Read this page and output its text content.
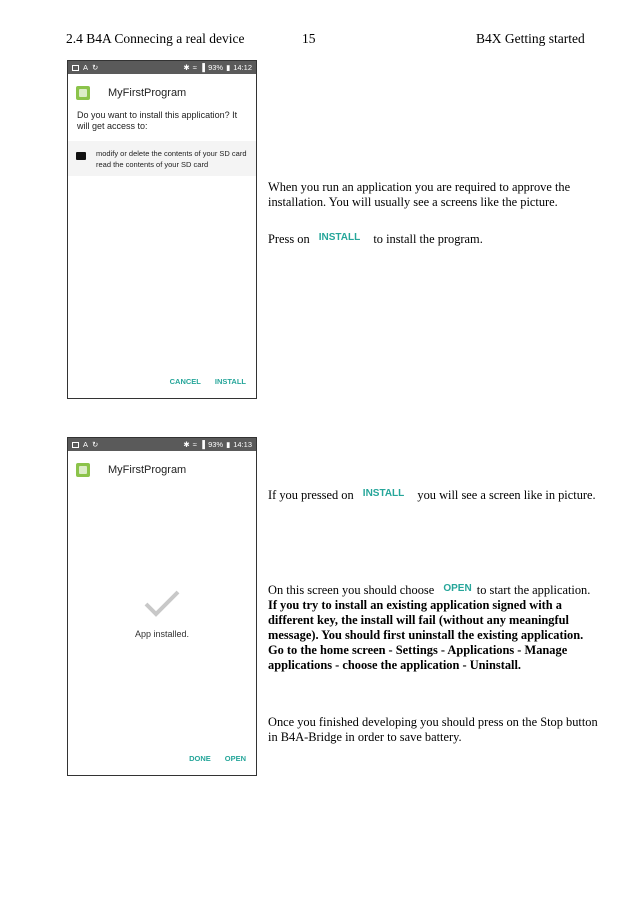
2.4 B4A Connecing a real device	15	B4X Getting started
A ↻	✱ ≈ ▐ 93% ▮ 14:12
MyFirstProgram
Do you want to install this application? It will get access to:
modify or delete the contents of your SD card
read the contents of your SD card
CANCEL INSTALL
A ↻	✱ ≈ ▐ 93% ▮ 14:13
MyFirstProgram
App installed.
DONE OPEN
When you run an application you are required to approve the installation. You will usually see a screens like the picture.
Press on INSTALL to install the program.
If you pressed on INSTALL you will see a screen like in picture.
On this screen you should choose OPEN to start the application. If you try to install an existing application signed with a different key, the install will fail (without any meaningful message). You should first uninstall the existing application. Go to the home screen - Settings - Applications - Manage applications - choose the application - Uninstall.
Once you finished developing you should press on the Stop button in B4A-Bridge in order to save battery.
